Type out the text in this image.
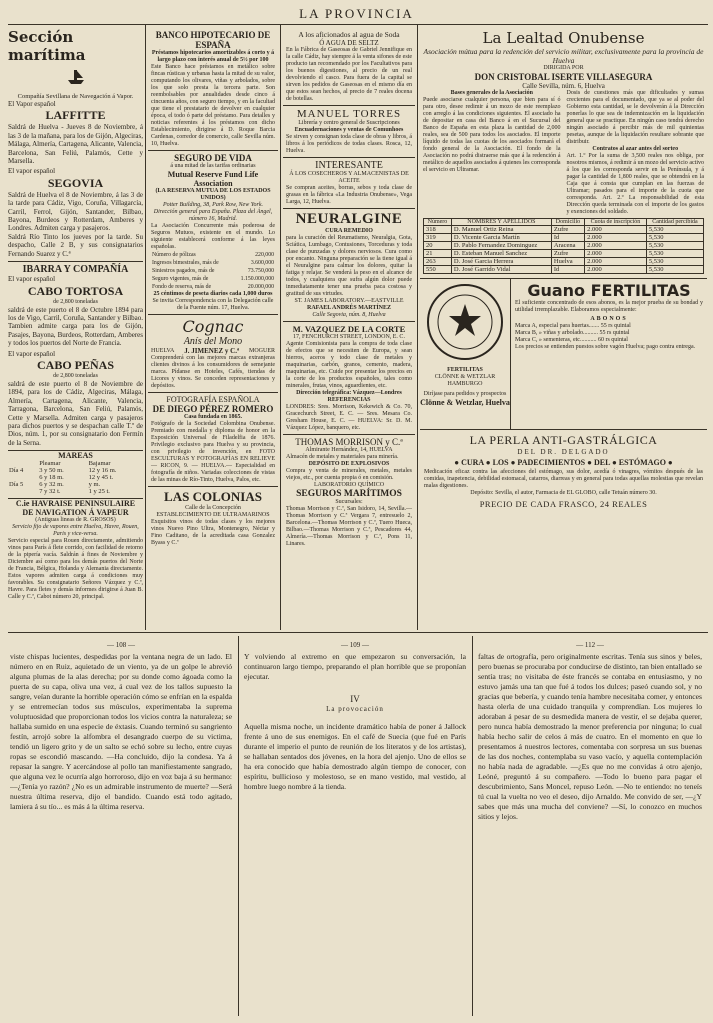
LA PROVINCIA
Sección marítima
Compañía Sevillana de Navegación á Vapor.
El Vapor español
LAFFITTE
Saldrá de Huelva - Jueves 8 de Noviembre, á las 3 de la mañana, para los de Gijón, Algeciras, Málaga, Almería, Cartagena, Alicante, Valencia, Barcelona, San Feliú, Palamós, Cette y Marsella.
El vapor español
SEGOVIA
Saldrá de Huelva el 8 de Noviembre, á las 3 de la tarde para Cádiz, Vigo, Coruña, Villagarcía, Carril, Ferrol, Gijón, Santander, Bilbao, Bayona, Burdeos y Rotterdam, Amberes y Londres. Admiten carga y pasajeros.
Saldrá Río Tinto los jueves por la tarde. Su despacho, Calle 2 B, y sus consignatarios Fernando Suarez y C.ª
IBARRA Y COMPAÑÍA
El vapor español
CABO TORTOSA
de 2,800 toneladas
saldrá de este puerto el 8 de Octubre 1894 para los de Vigo, Carril, Coruña, Santander y Bilbao. Tambien admite carga para los de Gijón, Pasajes, Bayona, Burdeos, Rotterdam, Amberes y todos los puertos del Norte de Francia.
El vapor español
CABO PEÑAS
de 2,800 toneladas
saldrá de este puerto el 8 de Noviembre de 1894, para los de Cádiz, Algeciras, Málaga, Almería, Cartagena, Alicante, Valencia, Tarragona, Barcelona, San Feliú, Palamós, Cette y Marsella. Admiten carga y pasajeros para dichos puertos y se despachan calle T.º de Dios, núm. 1, por su consignatario don Fermín de la Serna.
MAREAS
	Pleamar	Bajamar
Día 4	3 y 50 m.	12 y 16 m.
	6 y 18 m.	12 y 45 t.
Día 5	6 y 32 m.	y m.
	7 y 32 t.	1 y 25 t.
C.ie HAVRAISE PENINSULAIRE
DE NAVIGATION Á VAPEUR
(Antiguas lineas de R. GROSOS)
Servicio fijo de vapores entre Huelva, Havre, Rouen, Paris y vice-versa.
Servicio especial para Rouen directamente, admitiendo vinos para París á flete corrido, con facilidad de retorno de la pipería vacía. Saldrán á fines de Noviembre y Diciembre así como para los demás puertos del Norte de Francia, Bélgica, Holanda y Alemania directamente. Estos vapores admiten carga á condiciones muy favorables. Su consignatario Señores Vázquez y C.ª, Havre. Para fletes y demás informes dirigirse á Juan B. Calle y C.ª, Cabot número 20, principal.
BANCO HIPOTECARIO DE ESPAÑA
Préstamos hipotecarios amortizables á corto y á largo plazo con interés anual de 5½ por 100
Este Banco hace préstamos en metálico sobre fincas rústicas y urbanas hasta la mitad de su valor, computando los olivares, viñas y arbolados, sobre los que solo presta la tercera parte. Son reembolsables por anualidades desde cinco á cincuenta años, con seguro tiempo, y en la facultad que tiene el prestatario de devolver en cualquier época, el todo ó parte del préstamo. Para detalles y noticias referentes á los préstamos con dicho Establecimiento, dirigirse á D. Roque Barcia Cardenas, corredor de comercio, calle Sevilla núm. 10, Huelva.
SEGURO DE VIDA
á una mitad de las tarifas ordinarias
Mutual Reserve Fund Life Association
(LA RESERVA MUTUA DE LOS ESTADOS UNIDOS)
Potter Building, 38, Park Row, New York. Dirección general para España. Plaza del Ángel, número 16, Madrid.
La Asociación Concurrente más poderosa de Seguros Mutuos, existente en el mundo. Lo siguiente establecerá conforme á las leyes españolas.
Número de pólizas	220,000
Ingresos bimestrales, más de	3.600,000
Siniestros pagados, más de	73.750,000
Seguro vigentes, más de	1.150.000,000
Fondo de reserva, más de	20.000,000
25 céntimos de peseta diarios cada 1,000 duros
Se invita Correspondencia con la Delegación calle de la Fuente núm. 17, Huelva.
Cognac
Anís del Mono
HUELVA J. JIMENEZ y C.ª MOGUER
Comprenderá con las mejores marcas extranjeras clientes divinos á los consumidores de semejante marca. Pídanse en Hoteles, Cafés, tiendas de Licores y vinos. Se conceden representaciones y depósitos.
FOTOGRAFÍA ESPAÑOLA
DE DIEGO PÉREZ ROMERO
Casa fundada en 1865.
Fotógrafo de la Sociedad Colombina Onubense. Premiado con medalla y diploma de honor en la Exposición Universal de Filadelfia de 1876. Privilegio exclusivo para Huelva y su provincia, con privilegio de invención, en FOTO ESCULTURAS Y FOTOGRAFÍAS EN RELIEVE — RICON, 9. — HUELVA.— Especialidad en fotografía de niños. Variadas colecciones de vistas de las minas de Río-Tinto, Huelva, Palos, etc.
LAS COLONIAS
Calle de la Concepción
ESTABLECIMIENTO DE ULTRAMARINOS
Exquisitos vinos de todas clases y los mejores vinos Nuevo Pino Ultra, Montenegro, Néctar y Fino Caditano, de la acreditada casa Gonzalez Byass y C.ª
A los aficionados al agua de Soda
Ó AGUA DE SELTZ
En la Fábrica de Gaseosas de Gabriel Jennifique en la calle Cádiz, hay siempre á la venta sifones de este producto tan recomendado por los Facultativos para los buenos digestiones, al precio de un real devolviendo el casco. Para fuera de la capital se sirven los pedidos de Gaseosas en el mismo día en que estos sean hechos, al precio de 7 reales docena de botellas.
MANUEL TORRES
Librería y centro general de Suscripciones
Encuadernaciones y ventas de Comunhoes
Se sirven y consignan toda clase de obras y libros, á libros á los periódicos de todas clases. Rosca, 12, Huelva.
INTERESANTE
Á LOS COSECHEROS Y ALMACENISTAS DE ACEITE
Se compran aceites, borras, sebos y toda clase de grasas en la fábrica «La Industria Onubense», Vega Larga, 12, Huelva.
NEURALGINE
CURA REMEDIO
para la curación del Reumatismo, Neuralgia, Gota, Sciática, Lumbago, Contusiones, Torceduras y toda clase de punzadas y dolores nerviosos. Cura como por encanto. Ninguna preparación se la tiene igual á el Neuralgine para calmar los dolores, quitar la fatiga y relajar. Se venderá la peso en el alcance de todos, y cualquiera que sufra algún dolor puede inmediatamente tener una prueba paca costosa y gratitud de sus virtudes.
ST. JAMES LABORATORY.—EASTVILLE
RAFAEL ANDRÉS MARTÍNEZ
Calle Segovia, núm. 8, Huelva
M. VAZQUEZ DE LA CORTE
17, FENCHURCH STREET, LONDON, E. C.
Agente Comisionista para la compra de toda clase de efectos que se necesiten de Europa, y sean hierros, aceros y todo clase de metales y maquinarias, carbón, granos, cemento, madera, maquinarias, etc. Cuide por presentar los precios en la corte de los productos españoles, tales como minerales, frutas, vinos, aguardientes, etc.
Dirección telegráfica: Vázquez—Londres
REFERENCIAS
LONDRES: Sres. Morrison, Kekewich & Co. 70, Gracechurch Street, E. C. — Sres. Mesara Co. Gresham House, E. C. — HUELVA: Sr. D. M. Vázquez López, banquero, etc.
THOMAS MORRISON y C.ª
Almirante Hernández, 14, HUELVA
Almacén de metales y materiales para minería.
DEPÓSITO DE EXPLOSIVOS
Compra y venta de minerales, metales, metales viejos, etc., por cuenta propia ó en comisión.
LABORATORIO QUÍMICO
SEGUROS MARÍTIMOS
Sucursales:
Thomas Morrison y C.ª, San Isidoro, 14, Sevilla.—Thomas Morrison y C.ª Vergara 7, entresuelo 2, Barcelona.—Thomas Morrison y C.ª, Tuero Hueca, Bilbao.—Thomas Morrison y C.ª, Pescadores 44, Almería.—Thomas Morrison y C.ª, Pons 11, Linares.
La Lealtad Onubense
Asociación mútua para la redención del servicio militar, exclusivamente para la provincia de Huelva
DIRIGIDA POR
DON CRISTOBAL ISERTE VILLASEGURA
Calle Sevilla, núm. 6, Huelva
Bases generales de la Asociación
Puede asociarse cualquier persona, que bien para sí ó para otro, desee redimir á un mozo de este reemplazo con arreglo á las condiciones siguientes. El asociado ha de depositar en casa del Banco á en el Sucursal del Banco de España en esta plaza la cantidad de 2,000 reales, sea de 500 para todos los asociados. El importe líquido de todas las cuotas de los asociados formará el fondo general de la Asociación. El fondo de la Asociación no podrá distraerse más que á la redención á metálico de aquellos asociados á quienes les corresponda el servicio en Ultramar.
Dosis de cuestiones más que dificultades y sumas crecientes para el documentado, que ya se al poder del Gobierno esta cantidad, se le devolverán á la Dirección ponerlas lo que sea de indemnización en la liquidación general que se practique. En ningún caso tendrá derecho ningún asociado á percibir más de mil quinientas pesetas, aunque de la liquidación resultare sobrante que distribuir.
Contratos al azar antes del sorteo
Art. 1.º Por la suma de 3,500 reales nos obliga, por nosotros mismos, á redimir á un mozo del servicio activo á los que les corresponda servir en la Península, y á pagar la cantidad de 1,800 reales, que se obtendrá en la Caja que á consta que cumplan en las fuerzas de Ultramar; pasados para el importe de la cuota que corresponda. Art. 2.º La responsabilidad de esta Dirección queda terminada con el importe de los gastos y exenciones del soldado.
Número	NOMBRES Y APELLIDOS	Domicilio	Cuota de inscripción	Cantidad percibida
318	D. Manuel Ortiz Reina	Zufre	2.000	5,530
319	D. Vicente Garcia Martín	Id	2.000	5,530
20	D. Pablo Fernandez Dominguez	Aracena	2.000	5,530
21	D. Esteban Manuel Sanchez	Zufre	2.000	5,530
263	D. José Garcia Herrera	Huelva	2.000	5,530
550	D. José Garrido Vidal	Id	2.000	5,530
FERTILITAS
CLÖNNE & WETZLAR
HAMBURGO
Diríjase para pedidos y prospectos
Clönne & Wetzlar, Huelva
Guano FERTILITAS
El suficiente concentrado de esos abonos, es la mejor prueba de su bondad y utilidad irremplazable. Elaboramos especialmente:
ABONOS
Marca A, especial para huertas....... 55 rs quintal
Marca B, » viñas y arbolado.......... 55 rs quintal
Marca C, » sementeras, etc........... 60 rs quintal
Los precios se entienden puestos sobre vagón Huelva; pago contra entrega.
LA PERLA ANTI-GASTRÁLGICA
DEL DR. DELGADO
● CURA ● LOS ● PADECIMIENTOS ● DEL ● ESTÓMAGO ●
Medicación eficaz contra las afecciones del estómago, sus dolor, acedía ó vinagres, vómitos después de las comidas, inapetencia, debilidad estomacal, catarros, diarreas y en general para todas aquellas molestias que revelan malas digestiones.
Depósito: Sevilla, el autor, Farmacia de EL GLOBO, calle Tetuán número 30.
PRECIO DE CADA FRASCO, 24 REALES
— 108 —
viste chispas lucientes, despedidas por la ventana negra de un lado. El número en en Ruiz, aquietado de un viento, ya de un golpe le abrevió alguna plumas de la alas derecha; por su donde como ágoada como la puerta de su capa, oliva una vez, á cual vez de los tallos supuesto la sangre, veían durante la horrible operación cómo se enfrían en la espalda y se entremecían todos sus músculos, experimentaba la suprema voluptuosidad que proporcionan todos los vicios contra la naturaleza; se hallaba sumido en una especie de éxtasis. Cuando terminó su sangriento festín, arrojó sobre la alfombra el desangrado cuerpo de su victima, tendió un ligero grito y de un salto se echó sobre su lecho, entre cuyas ropas se escondió mascando. —Ha concluido, dijo la condesa. Ya á repasar la sangre. Y acercándose al pollo tan manifiestamente sangrado, que alguna vez le ocurría algo horroroso, dijo en voz baja á su hermano: —¿Tenía yo razón? ¿No es un admirable instrumento de muerte? —Será nuestra última reserva, dijo el bandido. Cuando está todo agitado, lamiera á su tío... es más á la última reserva.
— 109 —
Y volviendo al extremo en que empezaron su conversación, la continuaron largo tiempo, preparando el plan horrible que se proponían ejecutar.
IV
La provocación
Aquella misma noche, un incidente dramático había de poner á Jallock frente á uno de sus enemigos. En el café de Suecia (que fué en París durante el imperio el punto de reunión de los literatos y de los artistas), se hallaban sentados dos jóvenes, en la hora del ajenjo. Uno de ellos se ha era conocido que había demostrado algún tiempo de conocer, con espíritu, bullicioso y molestoso, se en mano vestido, mal vestido, al hombre luego nombre á la tienda.
— 112 —
faltas de ortografía, pero originalmente escritas. Tenía sus sinos y beles, pero buenas se procuraba por conducirse de distinto, tan bien entallado se sentía tras; no visitaba de éste francés se contaba en entusiasmo, y no estuvo jamás una tan que fué á todos los dulces; paseó cuando sol, y no gracias que bebería, y cuando tenía hambre necesitaba comer, y entonces hasta olerla de una cuidado tranquila y comprendían. Los mujeres lo adoraban á pesar de su desmedida manera de vestir, el se dejaba querer, pero nunca había demostrado la menor preferencia por ninguna; lo cual había hecho salir de celos á más de cuatro. En el momento en que lo presentamos á nuestros lectores, comentaba con sorpresa un sus buenas de las dos noches, contemplaba su vaso vacío, y aquella contemplación no había nada de agradable. —¿Es que no me convidas á otro ajenjo, Leóné, preguntó á su compañero. —Todo lo bueno para pagar el descubrimiento, Sans Moncel, repuso León. —No te entiendo: no teneís tú cual la vuelta no veo el deseo, dijo Arnaldo. Me convido de ser, —¿Y sabes que más una mucha del conviene? —Sí, lo conozco en muchos sitios y lejos.
